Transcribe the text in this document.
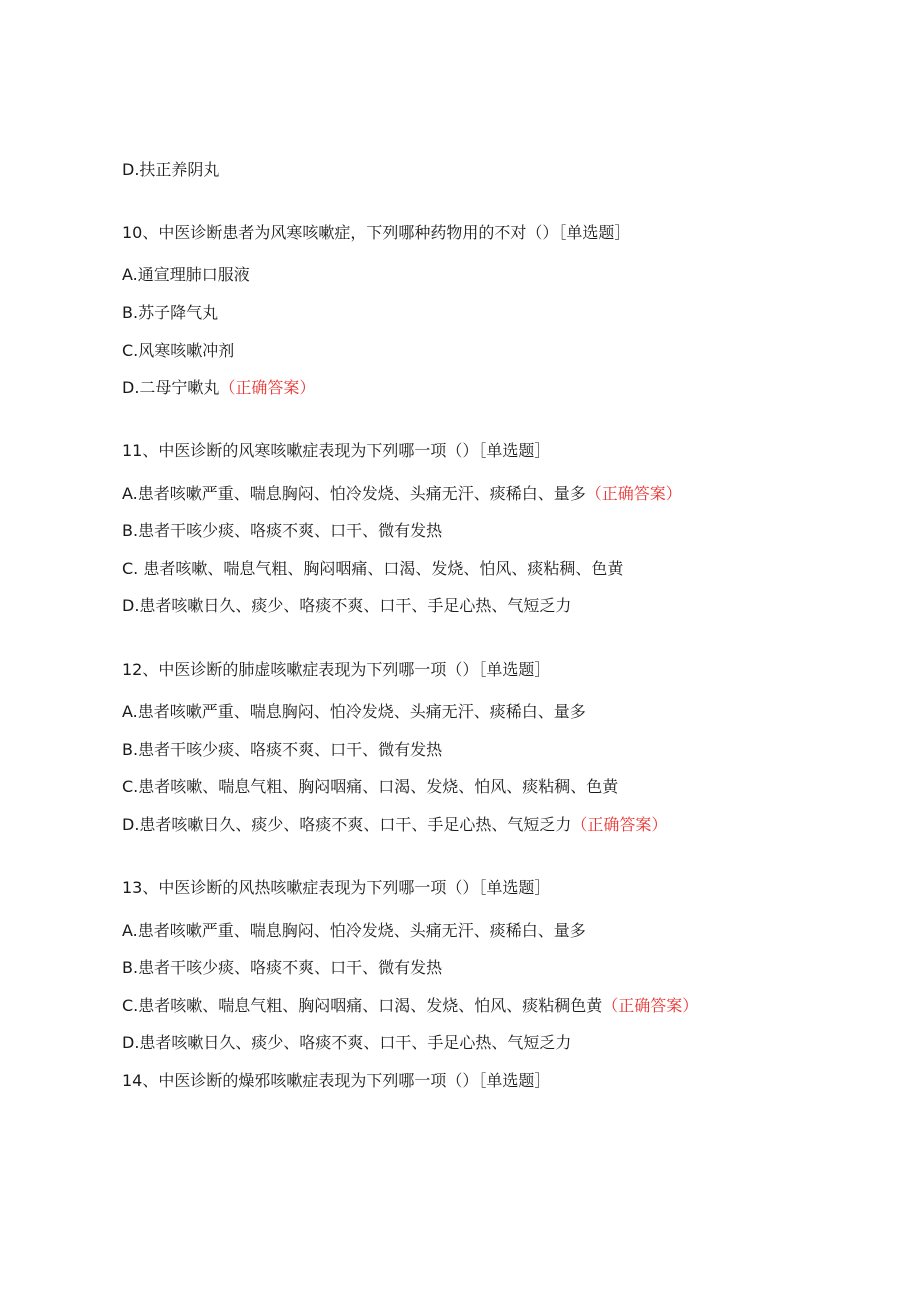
D.扶正养阴丸
10、中医诊断患者为风寒咳嗽症，下列哪种药物用的不对（）［单选题］
A.通宣理肺口服液
B.苏子降气丸
C.风寒咳嗽冲剂
D.二母宁嗽丸（正确答案）
11、中医诊断的风寒咳嗽症表现为下列哪一项（）［单选题］
A.患者咳嗽严重、喘息胸闷、怕冷发烧、头痛无汗、痰稀白、量多（正确答案）
B.患者干咳少痰、咯痰不爽、口干、微有发热
C. 患者咳嗽、喘息气粗、胸闷咽痛、口渴、发烧、怕风、痰粘稠、色黄
D.患者咳嗽日久、痰少、咯痰不爽、口干、手足心热、气短乏力
12、中医诊断的肺虚咳嗽症表现为下列哪一项（）［单选题］
A.患者咳嗽严重、喘息胸闷、怕冷发烧、头痛无汗、痰稀白、量多
B.患者干咳少痰、咯痰不爽、口干、微有发热
C.患者咳嗽、喘息气粗、胸闷咽痛、口渴、发烧、怕风、痰粘稠、色黄
D.患者咳嗽日久、痰少、咯痰不爽、口干、手足心热、气短乏力（正确答案）
13、中医诊断的风热咳嗽症表现为下列哪一项（）［单选题］
A.患者咳嗽严重、喘息胸闷、怕冷发烧、头痛无汗、痰稀白、量多
B.患者干咳少痰、咯痰不爽、口干、微有发热
C.患者咳嗽、喘息气粗、胸闷咽痛、口渴、发烧、怕风、痰粘稠色黄（正确答案）
D.患者咳嗽日久、痰少、咯痰不爽、口干、手足心热、气短乏力
14、中医诊断的燥邪咳嗽症表现为下列哪一项（）［单选题］
